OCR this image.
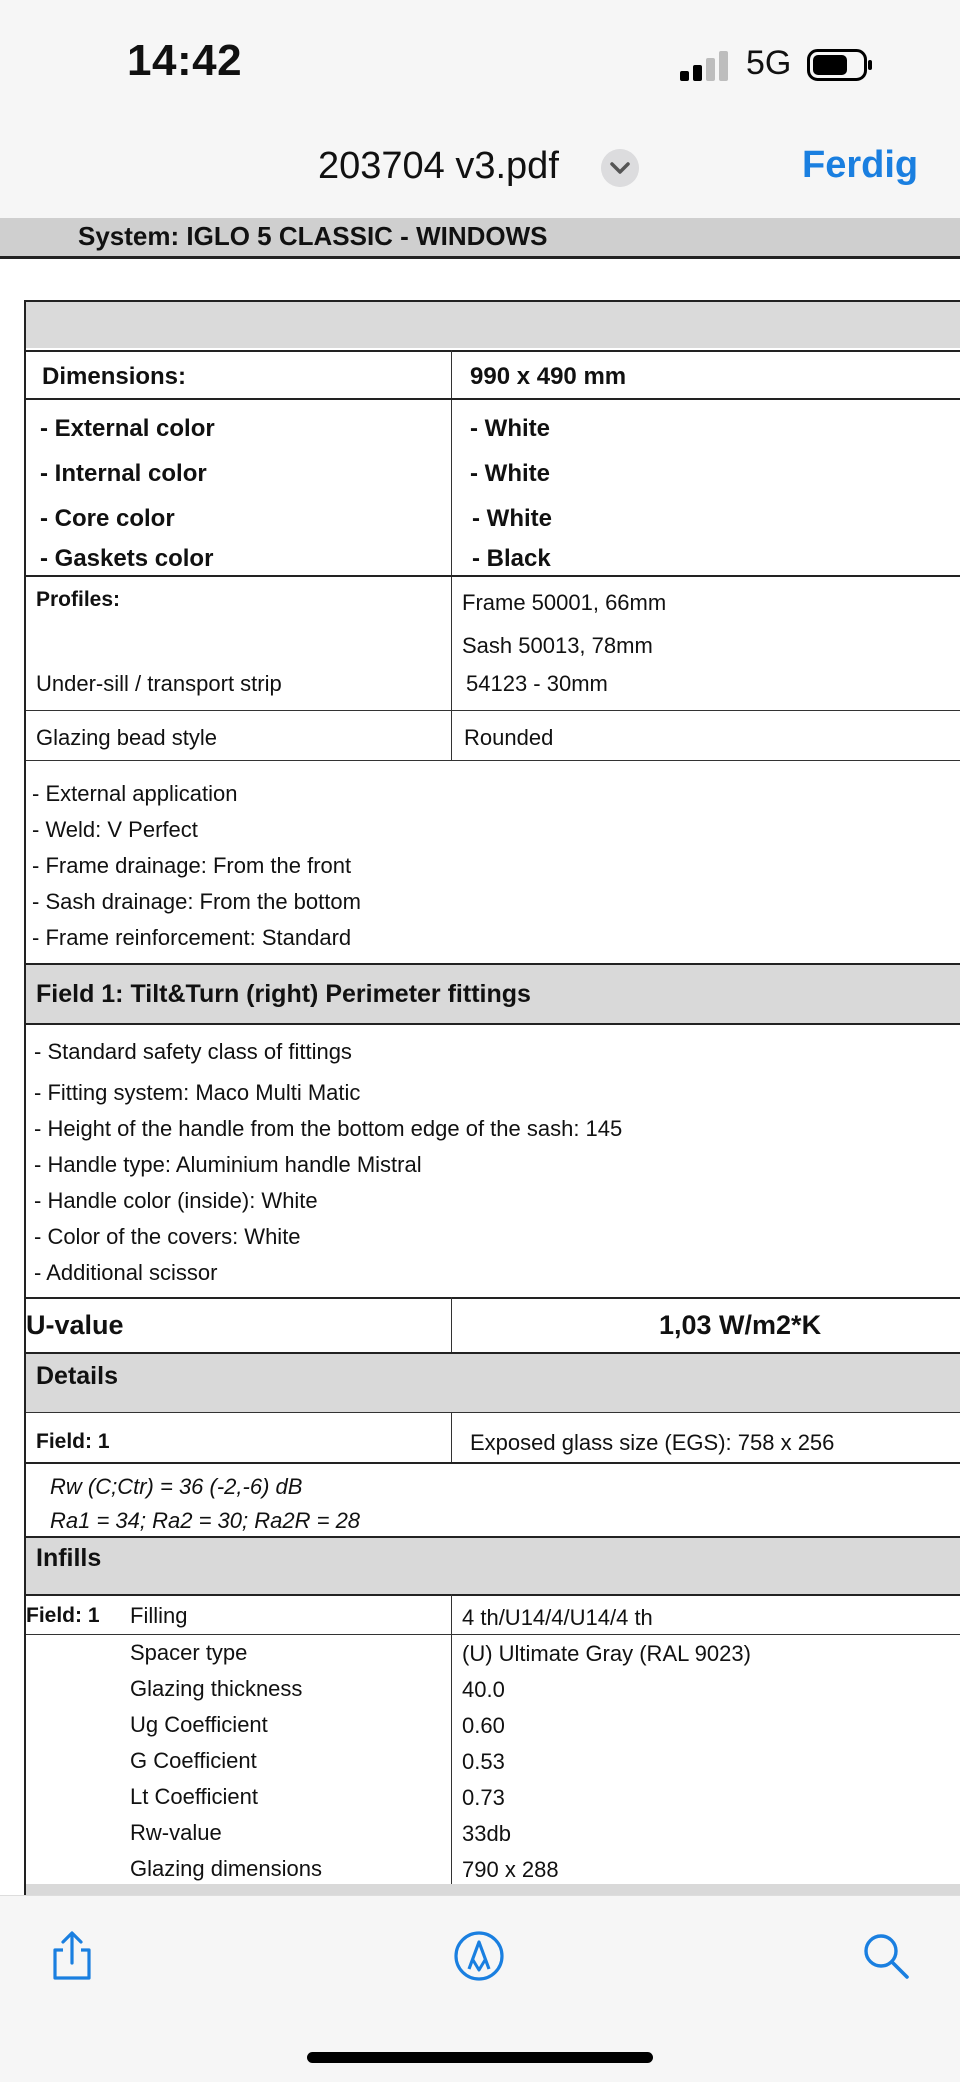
14:42	5G
203704 v3.pdf	Ferdig
System: IGLO 5 CLASSIC - WINDOWS
Dimensions:	990 x 490 mm
- External color	- White
- Internal color	- White
- Core color	- White
- Gaskets color	- Black
Profiles:	Frame 50001, 66mm
Sash 50013, 78mm
Under-sill / transport strip	54123 - 30mm
Glazing bead style	Rounded
- External application
- Weld: V Perfect
- Frame drainage: From the front
- Sash drainage: From the bottom
- Frame reinforcement: Standard
Field 1: Tilt&Turn (right) Perimeter fittings
- Standard safety class of fittings
- Fitting system: Maco Multi Matic
- Height of the handle from the bottom edge of the sash: 145
- Handle type: Aluminium handle Mistral
- Handle color (inside): White
- Color of the covers: White
- Additional scissor
U-value	1,03 W/m2*K
Details
Field: 1	Exposed glass size (EGS): 758 x 256
Rw (C;Ctr) = 36 (-2,-6) dB
Ra1 = 34; Ra2 = 30; Ra2R = 28
Infills
Field: 1 Filling	4 th/U14/4/U14/4 th
Spacer type	(U) Ultimate Gray (RAL 9023)
Glazing thickness	40.0
Ug Coefficient	0.60
G Coefficient	0.53
Lt Coefficient	0.73
Rw-value	33db
Glazing dimensions	790 x 288
